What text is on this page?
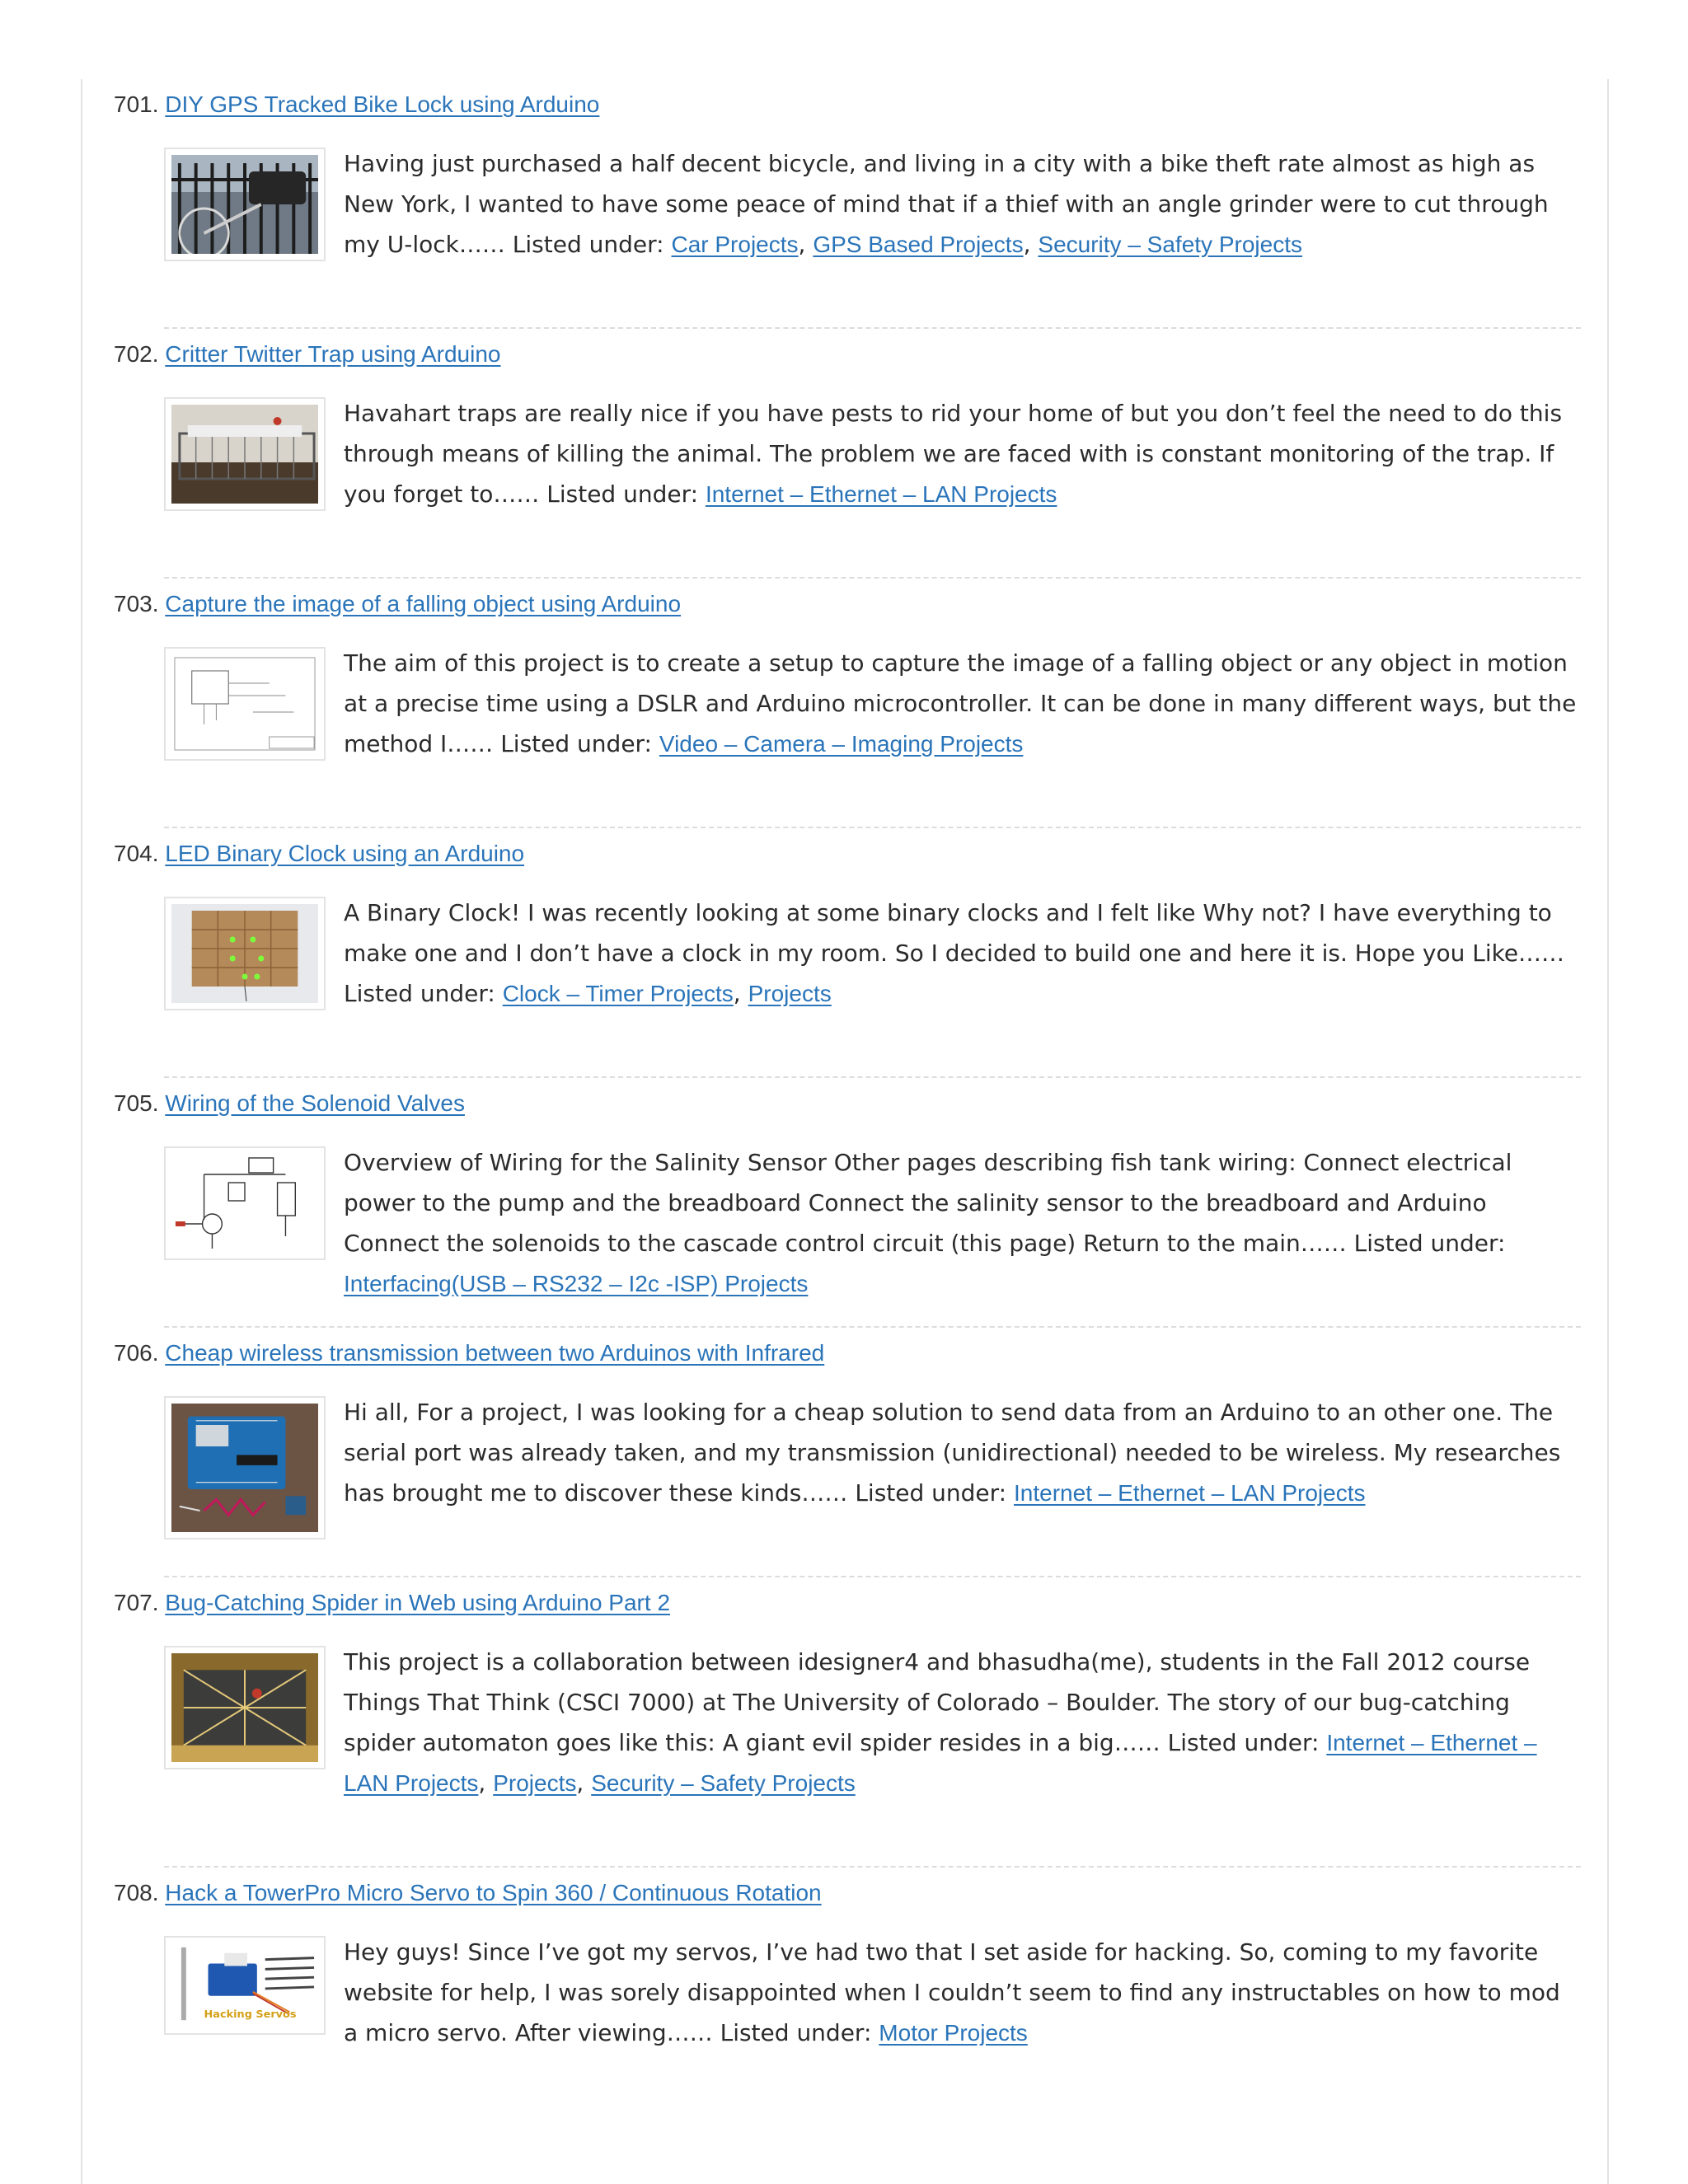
701. DIY GPS Tracked Bike Lock using Arduino

Having just purchased a half decent bicycle, and living in a city with a bike theft rate almost as high as New York, I wanted to have some peace of mind that if a thief with an angle grinder were to cut through my U-lock…… Listed under: Car Projects, GPS Based Projects, Security – Safety Projects

702. Critter Twitter Trap using Arduino

Havahart traps are really nice if you have pests to rid your home of but you don’t feel the need to do this through means of killing the animal. The problem we are faced with is constant monitoring of the trap. If you forget to…… Listed under: Internet – Ethernet – LAN Projects

703. Capture the image of a falling object using Arduino

The aim of this project is to create a setup to capture the image of a falling object or any object in motion at a precise time using a DSLR and Arduino microcontroller. It can be done in many different ways, but the method I…… Listed under: Video – Camera – Imaging Projects

704. LED Binary Clock using an Arduino

A Binary Clock! I was recently looking at some binary clocks and I felt like Why not? I have everything to make one and I don’t have a clock in my room. So I decided to build one and here it is. Hope you Like…… Listed under: Clock – Timer Projects, Projects

705. Wiring of the Solenoid Valves

Overview of Wiring for the Salinity Sensor Other pages describing fish tank wiring: Connect electrical power to the pump and the breadboard Connect the salinity sensor to the breadboard and Arduino Connect the solenoids to the cascade control circuit (this page) Return to the main…… Listed under: Interfacing(USB – RS232 – I2c -ISP) Projects

706. Cheap wireless transmission between two Arduinos with Infrared

Hi all, For a project, I was looking for a cheap solution to send data from an Arduino to an other one. The serial port was already taken, and my transmission (unidirectional) needed to be wireless. My researches has brought me to discover these kinds…… Listed under: Internet – Ethernet – LAN Projects

707. Bug-Catching Spider in Web using Arduino Part 2

This project is a collaboration between idesigner4 and bhasudha(me), students in the Fall 2012 course Things That Think (CSCI 7000) at The University of Colorado – Boulder. The story of our bug-catching spider automaton goes like this: A giant evil spider resides in a big…… Listed under: Internet – Ethernet – LAN Projects, Projects, Security – Safety Projects

708. Hack a TowerPro Micro Servo to Spin 360 / Continuous Rotation
Hacking Servos

Hey guys! Since I’ve got my servos, I’ve had two that I set aside for hacking. So, coming to my favorite website for help, I was sorely disappointed when I couldn’t seem to find any instructables on how to mod a micro servo. After viewing…… Listed under: Motor Projects
